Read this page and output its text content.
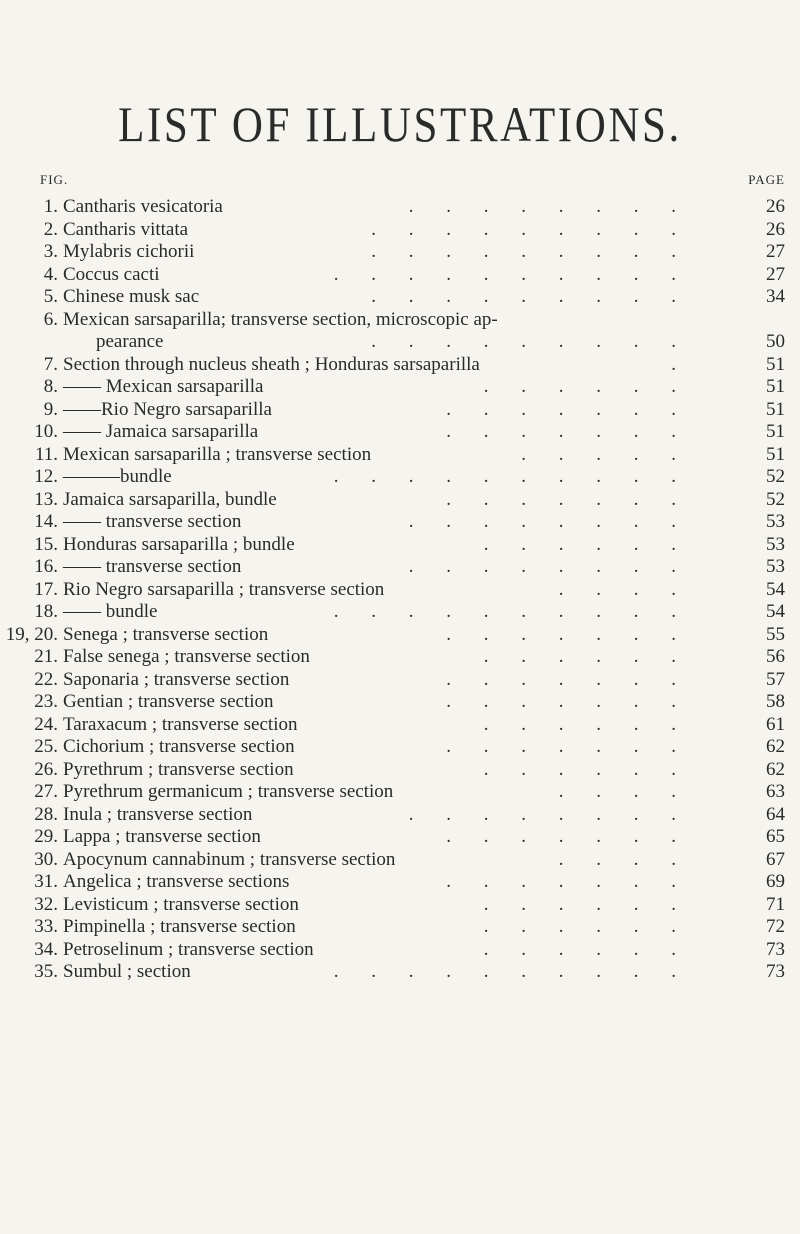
LIST OF ILLUSTRATIONS.
FIG.	PAGE
1. Cantharis vesicatoria	. . . . . . . .	26
2. Cantharis vittata	. . . . . . . . .	26
3. Mylabris cichorii	. . . . . . . . .	27
4. Coccus cacti	. . . . . . . . . .	27
5. Chinese musk sac	. . . . . . . . .	34
6. Mexican sarsaparilla; transverse section, microscopic ap-
pearance	. . . . . . . . .	50
7. Section through nucleus sheath ; Honduras sarsaparilla	.	51
8. —— Mexican sarsaparilla	. . . . . .	51
9. ——Rio Negro sarsaparilla	. . . . . . .	51
10. —— Jamaica sarsaparilla	. . . . . . .	51
11. Mexican sarsaparilla ; transverse section	. . . . .	51
12. ———bundle	. . . . . . . . . .	52
13. Jamaica sarsaparilla, bundle	. . . . . . .	52
14. —— transverse section	. . . . . . . .	53
15. Honduras sarsaparilla ; bundle	. . . . . .	53
16. —— transverse section	. . . . . . . .	53
17. Rio Negro sarsaparilla ; transverse section	. . . .	54
18. —— bundle	. . . . . . . . . .	54
19, 20. Senega ; transverse section	. . . . . . .	55
21. False senega ; transverse section	. . . . . .	56
22. Saponaria ; transverse section	. . . . . . .	57
23. Gentian ; transverse section	. . . . . . .	58
24. Taraxacum ; transverse section	. . . . . .	61
25. Cichorium ; transverse section	. . . . . . .	62
26. Pyrethrum ; transverse section	. . . . . .	62
27. Pyrethrum germanicum ; transverse section	. . . .	63
28. Inula ; transverse section	. . . . . . . .	64
29. Lappa ; transverse section	. . . . . . .	65
30. Apocynum cannabinum ; transverse section	. . . .	67
31. Angelica ; transverse sections	. . . . . . .	69
32. Levisticum ; transverse section	. . . . . .	71
33. Pimpinella ; transverse section	. . . . . .	72
34. Petroselinum ; transverse section	. . . . . .	73
35. Sumbul ; section	. . . . . . . . . .	73
